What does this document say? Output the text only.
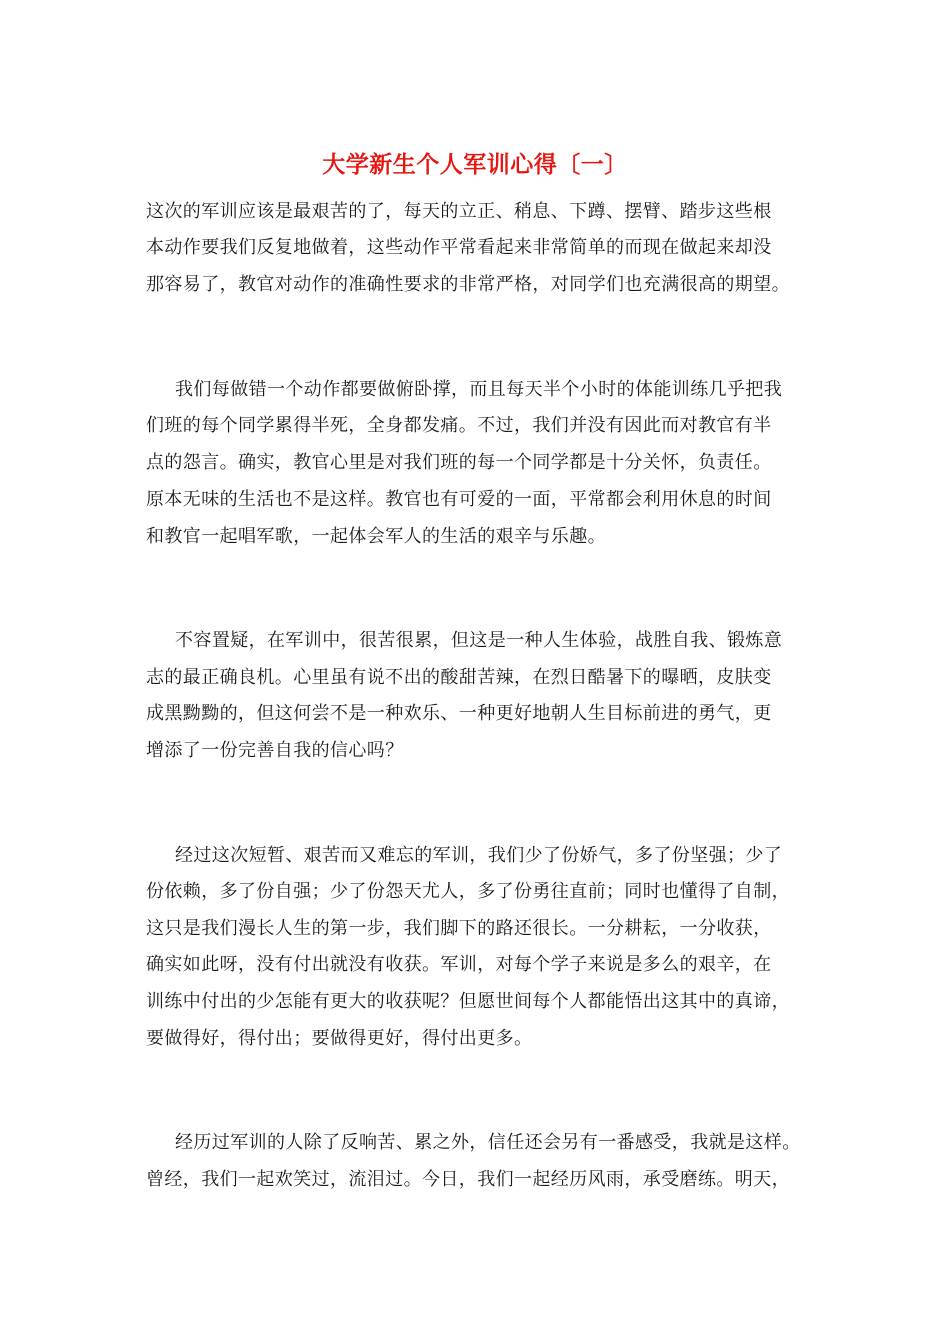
大学新生个人军训心得〔一〕
这次的军训应该是最艰苦的了，每天的立正、稍息、下蹲、摆臂、踏步这些根
本动作要我们反复地做着，这些动作平常看起来非常简单的而现在做起来却没
那容易了，教官对动作的准确性要求的非常严格，对同学们也充满很高的期望。
我们每做错一个动作都要做俯卧撑，而且每天半个小时的体能训练几乎把我
们班的每个同学累得半死，全身都发痛。不过，我们并没有因此而对教官有半
点的怨言。确实，教官心里是对我们班的每一个同学都是十分关怀，负责任。
原本无味的生活也不是这样。教官也有可爱的一面，平常都会利用休息的时间
和教官一起唱军歌，一起体会军人的生活的艰辛与乐趣。
不容置疑，在军训中，很苦很累，但这是一种人生体验，战胜自我、锻炼意
志的最正确良机。心里虽有说不出的酸甜苦辣，在烈日酷暑下的曝晒，皮肤变
成黑黝黝的，但这何尝不是一种欢乐、一种更好地朝人生目标前进的勇气，更
增添了一份完善自我的信心吗？
经过这次短暂、艰苦而又难忘的军训，我们少了份娇气，多了份坚强；少了
份依赖，多了份自强；少了份怨天尤人，多了份勇往直前；同时也懂得了自制，
这只是我们漫长人生的第一步，我们脚下的路还很长。一分耕耘，一分收获，
确实如此呀，没有付出就没有收获。军训，对每个学子来说是多么的艰辛，在
训练中付出的少怎能有更大的收获呢？但愿世间每个人都能悟出这其中的真谛，
要做得好，得付出；要做得更好，得付出更多。
经历过军训的人除了反响苦、累之外，信任还会另有一番感受，我就是这样。
曾经，我们一起欢笑过，流泪过。今日，我们一起经历风雨，承受磨练。明天，
